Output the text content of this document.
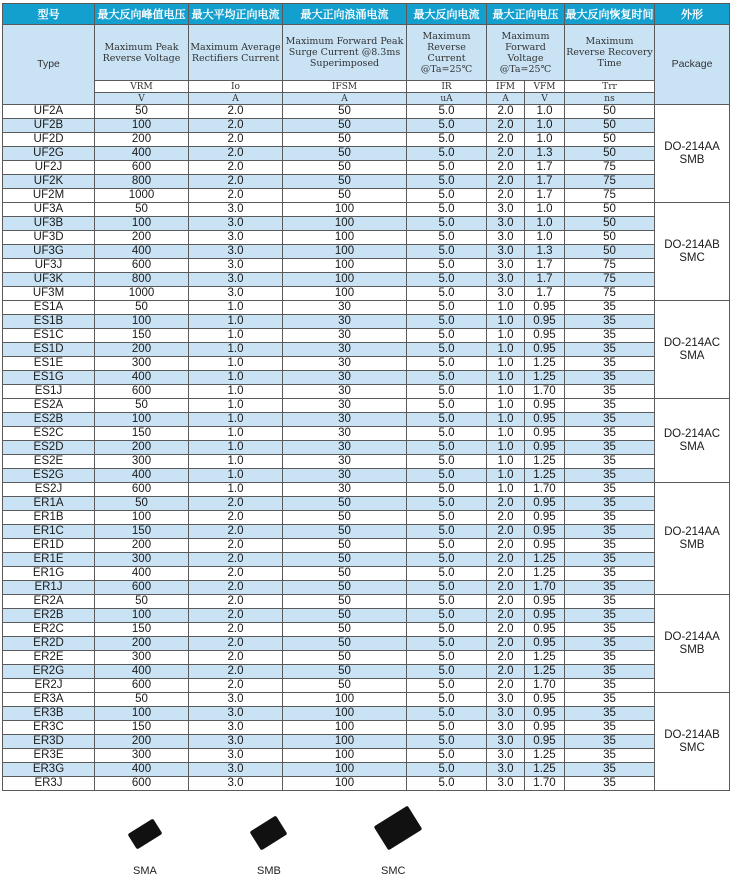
型号	最大反向峰值电压	最大平均正向电流	最大正向浪涌电流	最大反向电流	最大正向电压		最大反向恢复时间	外形
Type	Maximum Peak Reverse Voltage	Maximum Average Rectifiers Current	Maximum Forward Peak Surge Current @8.3ms Superimposed	Maximum Reverse Current @Ta=25℃	Maximum Forward Voltage @Ta=25℃		Maximum Reverse Recovery Time	Package
	VRM	Io	IFSM	IR	IFM	VFM	Trr	
	V	A	A	uA	A	V	ns	
UF2A	50	2.0	50	5.0	2.0	1.0	50	DO-214AA
SMB

UF2B	100	2.0	50	5.0	2.0	1.0	50	
UF2D	200	2.0	50	5.0	2.0	1.0	50	
UF2G	400	2.0	50	5.0	2.0	1.3	50	
UF2J	600	2.0	50	5.0	2.0	1.7	75	
UF2K	800	2.0	50	5.0	2.0	1.7	75	
UF2M	1000	2.0	50	5.0	2.0	1.7	75	
UF3A	50	3.0	100	5.0	3.0	1.0	50	DO-214AB
SMC

UF3B	100	3.0	100	5.0	3.0	1.0	50	
UF3D	200	3.0	100	5.0	3.0	1.0	50	
UF3G	400	3.0	100	5.0	3.0	1.3	50	
UF3J	600	3.0	100	5.0	3.0	1.7	75	
UF3K	800	3.0	100	5.0	3.0	1.7	75	
UF3M	1000	3.0	100	5.0	3.0	1.7	75	
ES1A	50	1.0	30	5.0	1.0	0.95	35	DO-214AC
SMA

ES1B	100	1.0	30	5.0	1.0	0.95	35	
ES1C	150	1.0	30	5.0	1.0	0.95	35	
ES1D	200	1.0	30	5.0	1.0	0.95	35	
ES1E	300	1.0	30	5.0	1.0	1.25	35	
ES1G	400	1.0	30	5.0	1.0	1.25	35	
ES1J	600	1.0	30	5.0	1.0	1.70	35	
ES2A	50	1.0	30	5.0	1.0	0.95	35	DO-214AC
SMA

ES2B	100	1.0	30	5.0	1.0	0.95	35	
ES2C	150	1.0	30	5.0	1.0	0.95	35	
ES2D	200	1.0	30	5.0	1.0	0.95	35	
ES2E	300	1.0	30	5.0	1.0	1.25	35	
ES2G	400	1.0	30	5.0	1.0	1.25	35	
ES2J	600	1.0	30	5.0	1.0	1.70	35	DO-214AA
SMB

ER1A	50	2.0	50	5.0	2.0	0.95	35	
ER1B	100	2.0	50	5.0	2.0	0.95	35	
ER1C	150	2.0	50	5.0	2.0	0.95	35	
ER1D	200	2.0	50	5.0	2.0	0.95	35	
ER1E	300	2.0	50	5.0	2.0	1.25	35	
ER1G	400	2.0	50	5.0	2.0	1.25	35	
ER1J	600	2.0	50	5.0	2.0	1.70	35	
ER2A	50	2.0	50	5.0	2.0	0.95	35	DO-214AA
SMB

ER2B	100	2.0	50	5.0	2.0	0.95	35	
ER2C	150	2.0	50	5.0	2.0	0.95	35	
ER2D	200	2.0	50	5.0	2.0	0.95	35	
ER2E	300	2.0	50	5.0	2.0	1.25	35	
ER2G	400	2.0	50	5.0	2.0	1.25	35	
ER2J	600	2.0	50	5.0	2.0	1.70	35	
ER3A	50	3.0	100	5.0	3.0	0.95	35	DO-214AB
SMC

ER3B	100	3.0	100	5.0	3.0	0.95	35	
ER3C	150	3.0	100	5.0	3.0	0.95	35	
ER3D	200	3.0	100	5.0	3.0	0.95	35	
ER3E	300	3.0	100	5.0	3.0	1.25	35	
ER3G	400	3.0	100	5.0	3.0	1.25	35	
ER3J	600	3.0	100	5.0	3.0	1.70	35	
SMA	SMB	SMC
